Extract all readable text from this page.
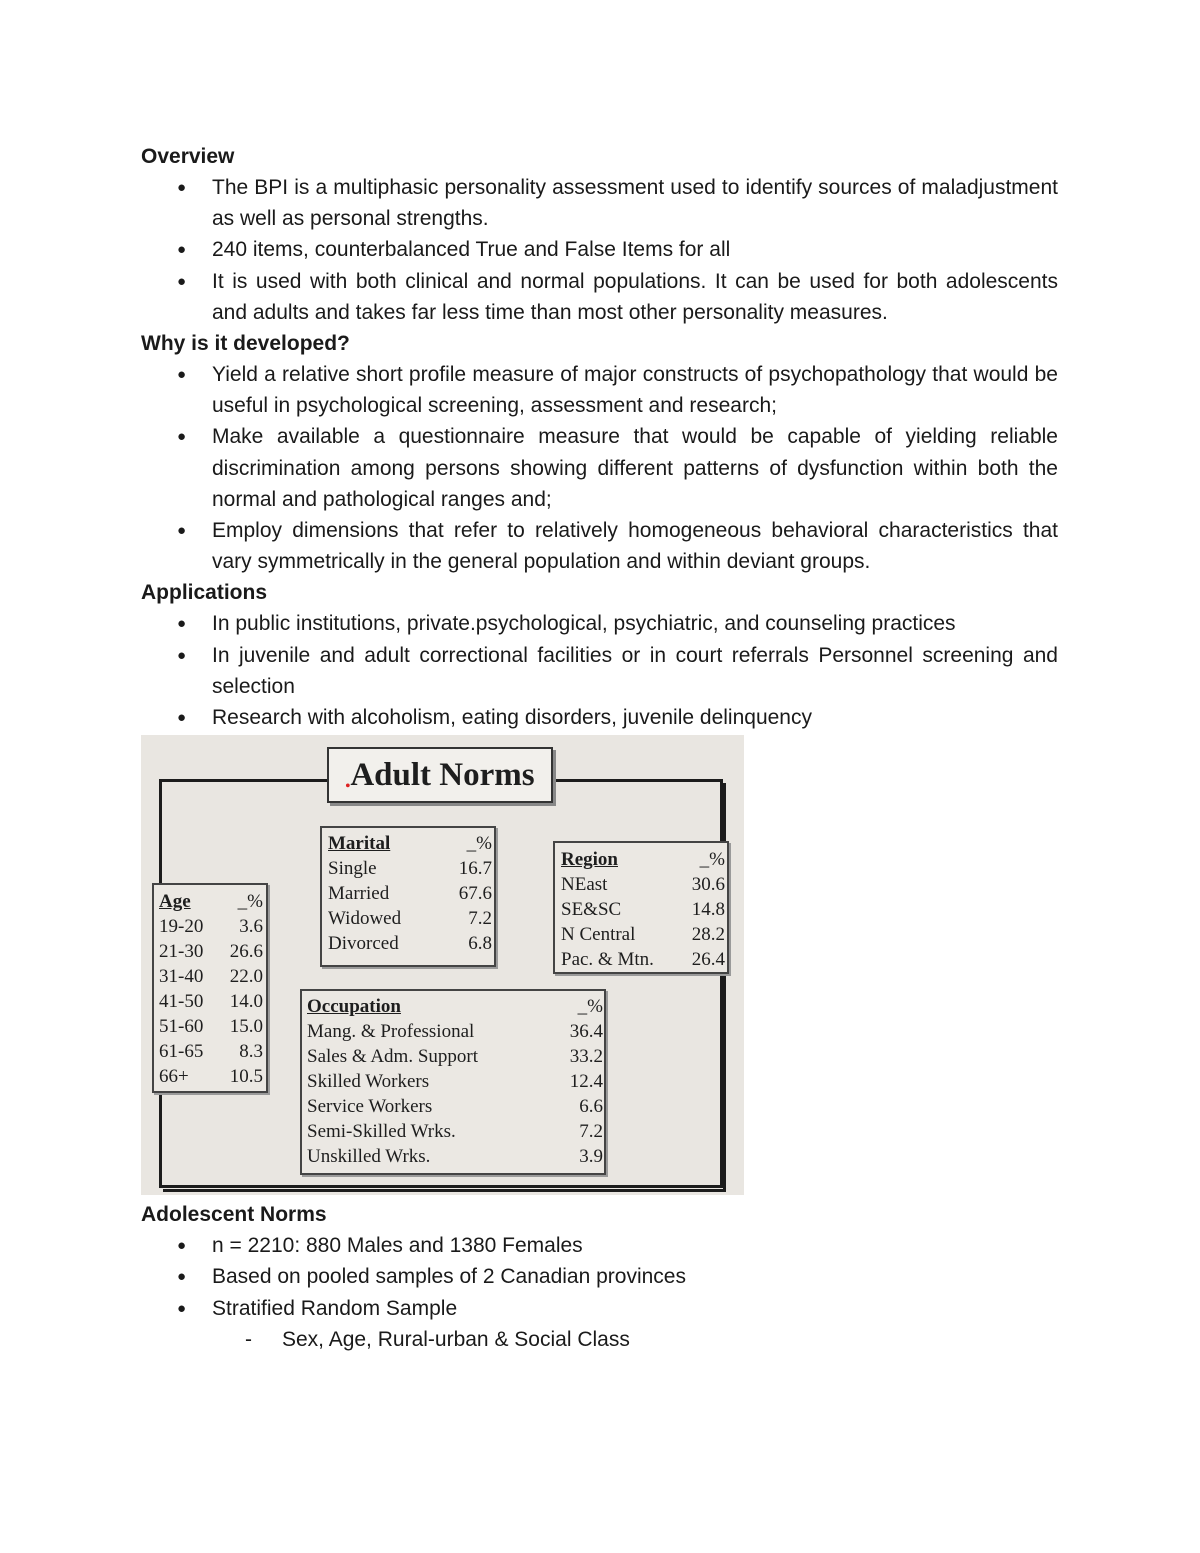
Overview
● The BPI is a multiphasic personality assessment used to identify sources of maladjustment as well as personal strengths.
● 240 items, counterbalanced True and False Items for all
● It is used with both clinical and normal populations. It can be used for both adolescents and adults and takes far less time than most other personality measures.
Why is it developed?
● Yield a relative short profile measure of major constructs of psychopathology that would be useful in psychological screening, assessment and research;
● Make available a questionnaire measure that would be capable of yielding reliable discrimination among persons showing different patterns of dysfunction within both the normal and pathological ranges and;
● Employ dimensions that refer to relatively homogeneous behavioral characteristics that vary symmetrically in the general population and within deviant groups.
Applications
● In public institutions, private.psychological, psychiatric, and counseling practices
● In juvenile and adult correctional facilities or in court referrals Personnel screening and selection
● Research with alcoholism, eating disorders, juvenile delinquency
•Adult Norms
Marital	_%
Single	16.7
Married	67.6
Widowed	7.2
Divorced	6.8
Region	_%
NEast	30.6
SE&SC	14.8
N Central	28.2
Pac. & Mtn.	26.4
Age	_%
19-20	3.6
21-30	26.6
31-40	22.0
41-50	14.0
51-60	15.0
61-65	8.3
66+	10.5
Occupation	_%
Mang. & Professional	36.4
Sales & Adm. Support	33.2
Skilled Workers	12.4
Service Workers	6.6
Semi-Skilled Wrks.	7.2
Unskilled Wrks.	3.9
Adolescent Norms
● n = 2210: 880 Males and 1380 Females
● Based on pooled samples of 2 Canadian provinces
● Stratified Random Sample
- Sex, Age, Rural-urban & Social Class
